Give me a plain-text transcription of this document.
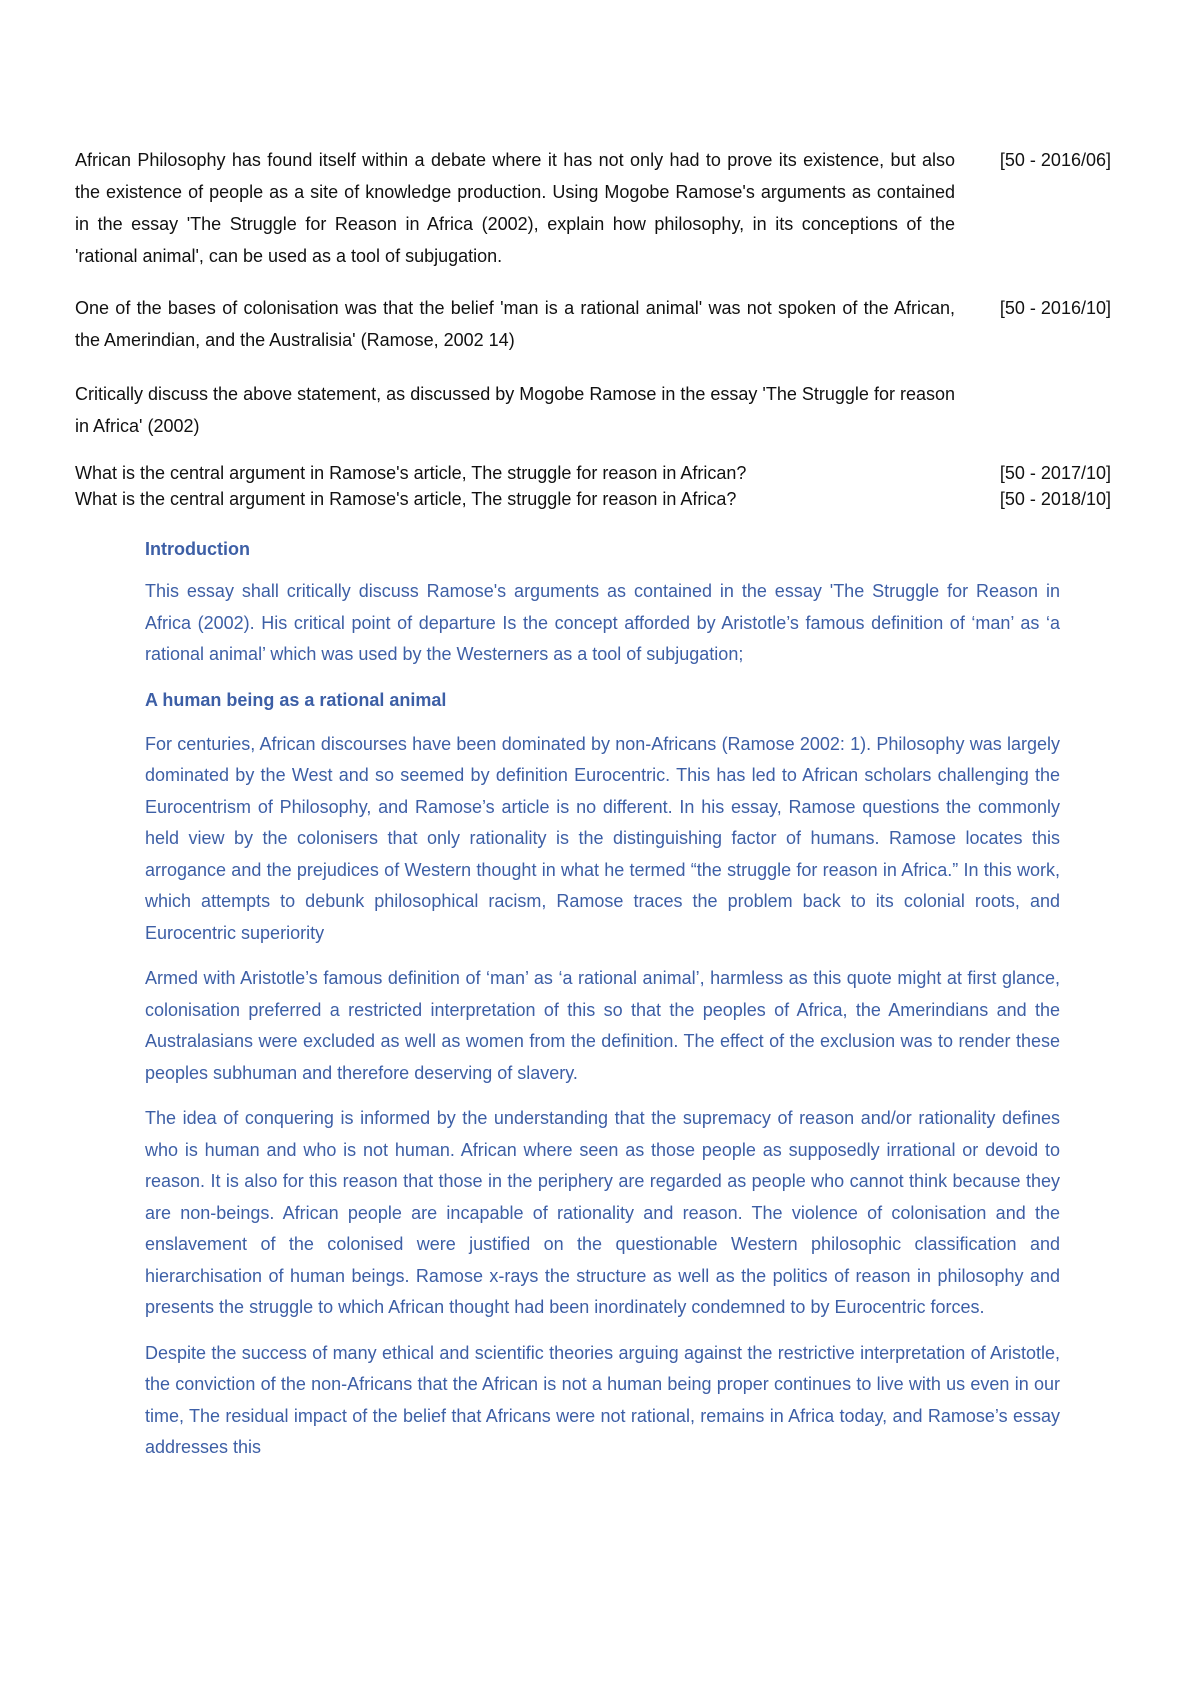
African Philosophy has found itself within a debate where it has not only had to prove its existence, but also the existence of people as a site of knowledge production. Using Mogobe Ramose's arguments as contained in the essay 'The Struggle for Reason in Africa (2002), explain how philosophy, in its conceptions of the 'rational animal', can be used as a tool of subjugation.
[50 - 2016/06]
One of the bases of colonisation was that the belief 'man is a rational animal' was not spoken of the African, the Amerindian, and the Australisia' (Ramose, 2002 14)
[50 - 2016/10]
Critically discuss the above statement, as discussed by Mogobe Ramose in the essay 'The Struggle for reason in Africa' (2002)
What is the central argument in Ramose's article, The struggle for reason in African?	[50 - 2017/10]
What is the central argument in Ramose's article, The struggle for reason in Africa?	[50 - 2018/10]
Introduction

This essay shall critically discuss Ramose's arguments as contained in the essay 'The Struggle for Reason in Africa (2002). His critical point of departure Is the concept afforded by Aristotle’s famous definition of ‘man’ as ‘a rational animal’ which was used by the Westerners as a tool of subjugation;

A human being as a rational animal

For centuries, African discourses have been dominated by non-Africans (Ramose 2002: 1). Philosophy was largely dominated by the West and so seemed by definition Eurocentric. This has led to African scholars challenging the Eurocentrism of Philosophy, and Ramose’s article is no different. In his essay, Ramose questions the commonly held view by the colonisers that only rationality is the distinguishing factor of humans. Ramose locates this arrogance and the prejudices of Western thought in what he termed “the struggle for reason in Africa.” In this work, which attempts to debunk philosophical racism, Ramose traces the problem back to its colonial roots, and Eurocentric superiority

Armed with Aristotle’s famous definition of ‘man’ as ‘a rational animal’, harmless as this quote might at first glance, colonisation preferred a restricted interpretation of this so that the peoples of Africa, the Amerindians and the Australasians were excluded as well as women from the definition. The effect of the exclusion was to render these peoples subhuman and therefore deserving of slavery.

The idea of conquering is informed by the understanding that the supremacy of reason and/or rationality defines who is human and who is not human. African where seen as those people as supposedly irrational or devoid to reason. It is also for this reason that those in the periphery are regarded as people who cannot think because they are non-beings. African people are incapable of rationality and reason. The violence of colonisation and the enslavement of the colonised were justified on the questionable Western philosophic classification and hierarchisation of human beings. Ramose x-rays the structure as well as the politics of reason in philosophy and presents the struggle to which African thought had been inordinately condemned to by Eurocentric forces.

Despite the success of many ethical and scientific theories arguing against the restrictive interpretation of Aristotle, the conviction of the non-Africans that the African is not a human being proper continues to live with us even in our time, The residual impact of the belief that Africans were not rational, remains in Africa today, and Ramose’s essay addresses this
